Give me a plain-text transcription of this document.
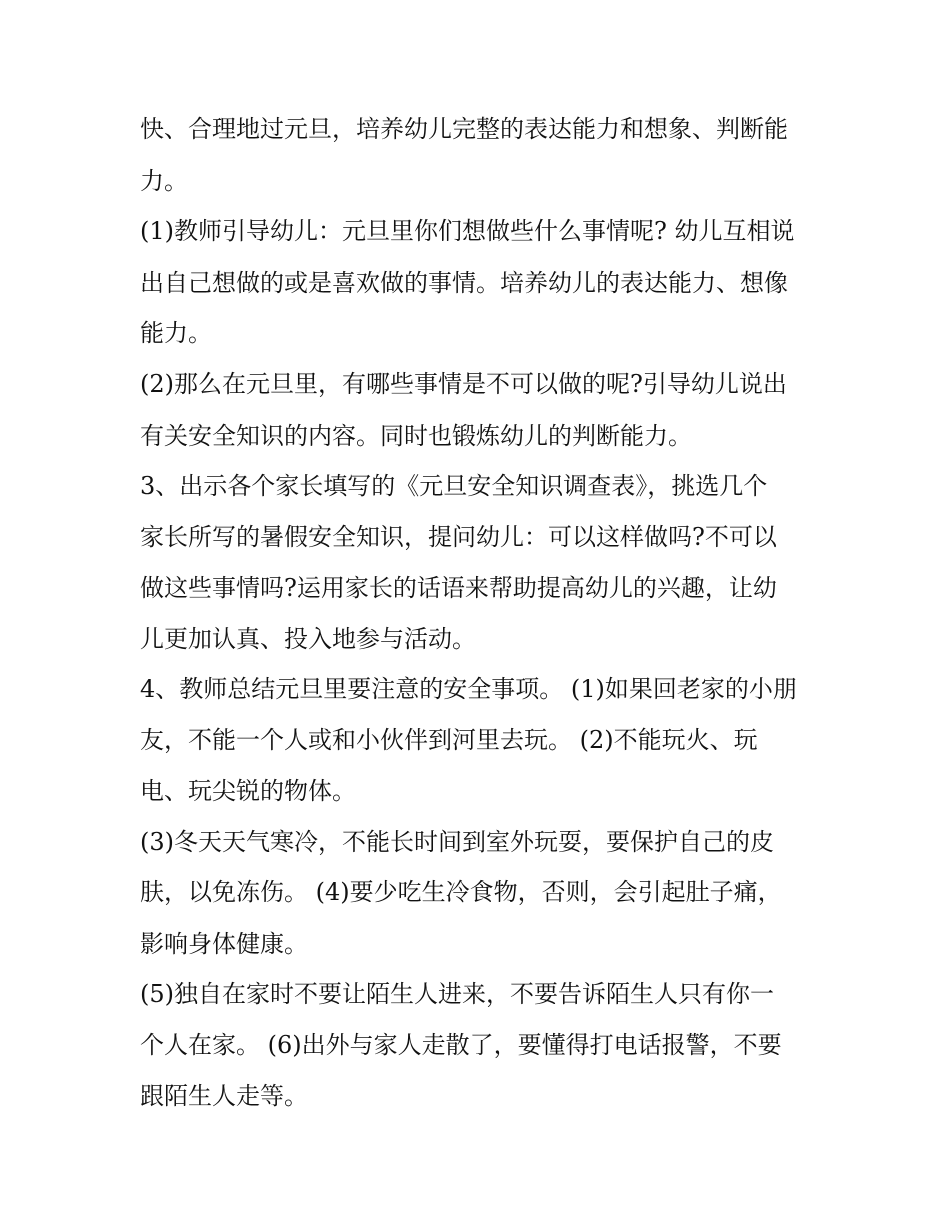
快、合理地过元旦，培养幼儿完整的表达能力和想象、判断能
力。
(1)教师引导幼儿：元旦里你们想做些什么事情呢? 幼儿互相说
出自己想做的或是喜欢做的事情。培养幼儿的表达能力、想像
能力。
(2)那么在元旦里，有哪些事情是不可以做的呢?引导幼儿说出
有关安全知识的内容。同时也锻炼幼儿的判断能力。
3、出示各个家长填写的《元旦安全知识调查表》，挑选几个
家长所写的暑假安全知识，提问幼儿：可以这样做吗?不可以
做这些事情吗?运用家长的话语来帮助提高幼儿的兴趣，让幼
儿更加认真、投入地参与活动。
4、教师总结元旦里要注意的安全事项。 (1)如果回老家的小朋
友，不能一个人或和小伙伴到河里去玩。 (2)不能玩火、玩
电、玩尖锐的物体。
(3)冬天天气寒冷，不能长时间到室外玩耍，要保护自己的皮
肤，以免冻伤。 (4)要少吃生冷食物，否则，会引起肚子痛，
影响身体健康。
(5)独自在家时不要让陌生人进来，不要告诉陌生人只有你一
个人在家。 (6)出外与家人走散了，要懂得打电话报警，不要
跟陌生人走等。
